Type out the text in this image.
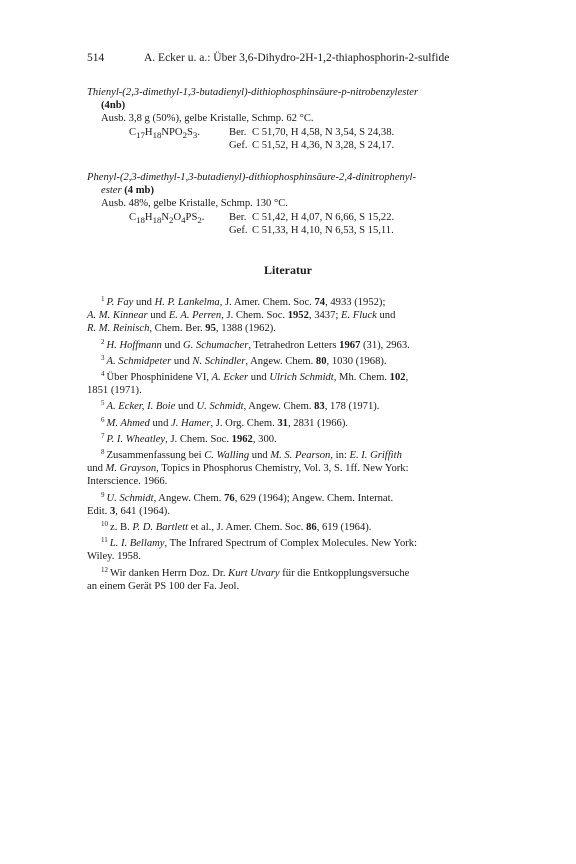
514	A. Ecker u. a.: Über 3,6-Dihydro-2H-1,2-thiaphosphorin-2-sulfide
Thienyl-(2,3-dimethyl-1,3-butadienyl)-dithiophosphinsäure-p-nitrobenzylester
(4nb)
Ausb. 3,8 g (50%), gelbe Kristalle, Schmp. 62 °C.
$C_{17}H_{18}NPO_2S_3$.	Ber. C 51,70, H 4,58, N 3,54, S 24,38.
Gef. C 51,52, H 4,36, N 3,28, S 24,17.
Phenyl-(2,3-dimethyl-1,3-butadienyl)-dithiophosphinsäure-2,4-dinitrophenyl-
ester (4 mb)
Ausb. 48%, gelbe Kristalle, Schmp. 130 °C.
$C_{18}H_{18}N_2O_4PS_2$. Ber. C 51,42, H 4,07, N 6,66, S 15,22.
Gef. C 51,33, H 4,10, N 6,53, S 15,11.
Literatur
$^1$ P. Fay und H. P. Lankelma, J. Amer. Chem. Soc. 74, 4933 (1952);
A. M. Kinnear und E. A. Perren, J. Chem. Soc. 1952, 3437; E. Fluck und
R. M. Reinisch, Chem. Ber. 95, 1388 (1962).
$^2$ H. Hoffmann und G. Schumacher, Tetrahedron Letters 1967 (31), 2963.
$^3$ A. Schmidpeter und N. Schindler, Angew. Chem. 80, 1030 (1968).
$^4$ Über Phosphinidene VI, A. Ecker und Ulrich Schmidt, Mh. Chem. 102,
1851 (1971).
$^5$ A. Ecker, I. Boie und U. Schmidt, Angew. Chem. 83, 178 (1971).
$^6$ M. Ahmed und J. Hamer, J. Org. Chem. 31, 2831 (1966).
$^7$ P. I. Wheatley, J. Chem. Soc. 1962, 300.
$^8$ Zusammenfassung bei C. Walling und M. S. Pearson, in: E. I. Griffith
und M. Grayson, Topics in Phosphorus Chemistry, Vol. 3, S. 1ff. New York:
Interscience. 1966.
$^9$ U. Schmidt, Angew. Chem. 76, 629 (1964); Angew. Chem. Internat.
Edit. 3, 641 (1964).
$^{10}$ z. B. P. D. Bartlett et al., J. Amer. Chem. Soc. 86, 619 (1964).
$^{11}$ L. I. Bellamy, The Infrared Spectrum of Complex Molecules. New York:
Wiley. 1958.
$^{12}$ Wir danken Herrn Doz. Dr. Kurt Utvary für die Entkopplungsversuche
an einem Gerät PS 100 der Fa. Jeol.
